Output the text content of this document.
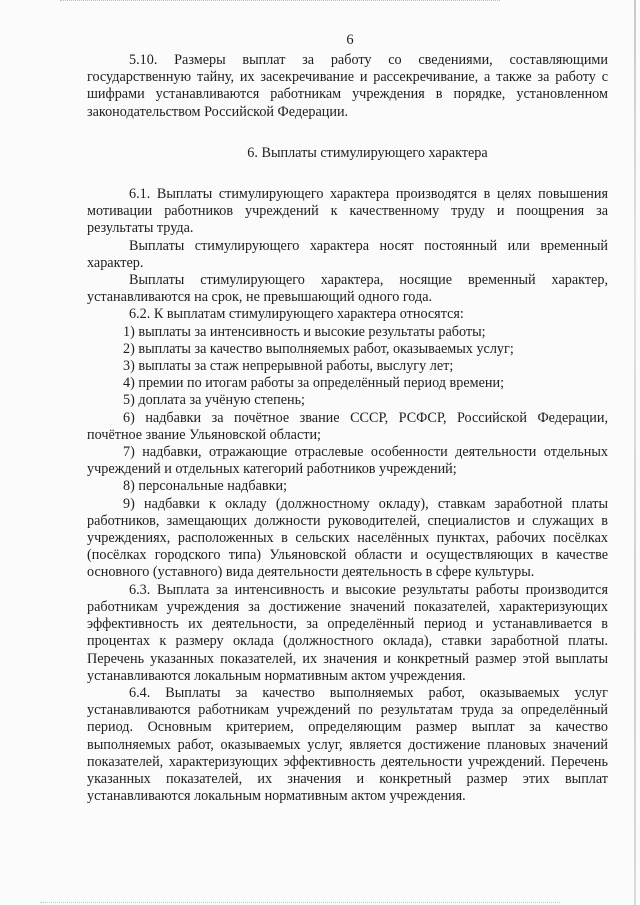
6

5.10. Размеры выплат за работу со сведениями, составляющими государственную тайну, их засекречивание и рассекречивание, а также за работу с шифрами устанавливаются работникам учреждения в порядке, установленном законодательством Российской Федерации.

6. Выплаты стимулирующего характера

6.1. Выплаты стимулирующего характера производятся в целях повышения мотивации работников учреждений к качественному труду и поощрения за результаты труда.

Выплаты стимулирующего характера носят постоянный или временный характер.

Выплаты стимулирующего характера, носящие временный характер, устанавливаются на срок, не превышающий одного года.

6.2. К выплатам стимулирующего характера относятся:

1) выплаты за интенсивность и высокие результаты работы;

2) выплаты за качество выполняемых работ, оказываемых услуг;

3) выплаты за стаж непрерывной работы, выслугу лет;

4) премии по итогам работы за определённый период времени;

5) доплата за учёную степень;

6) надбавки за почётное звание СССР, РСФСР, Российской Федерации, почётное звание Ульяновской области;

7) надбавки, отражающие отраслевые особенности деятельности отдельных учреждений и отдельных категорий работников учреждений;

8) персональные надбавки;

9) надбавки к окладу (должностному окладу), ставкам заработной платы работников, замещающих должности руководителей, специалистов и служащих в учреждениях, расположенных в сельских населённых пунктах, рабочих посёлках (посёлках городского типа) Ульяновской области и осуществляющих в качестве основного (уставного) вида деятельности деятельность в сфере культуры.

6.3. Выплата за интенсивность и высокие результаты работы производится работникам учреждения за достижение значений показателей, характеризующих эффективность их деятельности, за определённый период и устанавливается в процентах к размеру оклада (должностного оклада), ставки заработной платы. Перечень указанных показателей, их значения и конкретный размер этой выплаты устанавливаются локальным нормативным актом учреждения.

6.4. Выплаты за качество выполняемых работ, оказываемых услуг устанавливаются работникам учреждений по результатам труда за определённый период. Основным критерием, определяющим размер выплат за качество выполняемых работ, оказываемых услуг, является достижение плановых значений показателей, характеризующих эффективность деятельности учреждений. Перечень указанных показателей, их значения и конкретный размер этих выплат устанавливаются локальным нормативным актом учреждения.
